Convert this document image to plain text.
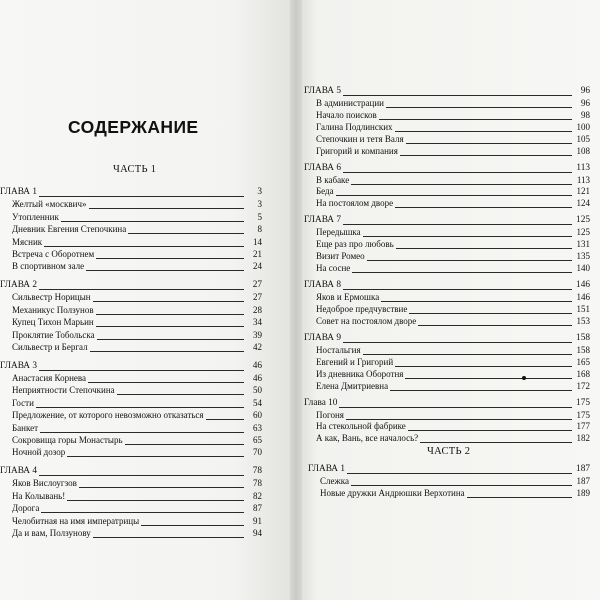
СОДЕРЖАНИЕ
ЧАСТЬ 1
ЧАСТЬ 2
ГЛАВА 1	3
Желтый «москвич»	3
Утопленник	5
Дневник Евгения Степочкина	8
Мясник	14
Встреча с Оборотнем	21
В спортивном зале	24
ГЛАВА 2	27
Сильвестр Норицын	27
Механикус Ползунов	28
Купец Тихон Марьин	34
Проклятие Тобольска	39
Сильвестр и Бергал	42
ГЛАВА 3	46
Анастасия Корнева	46
Неприятности Степочкина	50
Гости	54
Предложение, от которого невозможно отказаться	60
Банкет	63
Сокровища горы Монастырь	65
Ночной дозор	70
ГЛАВА 4	78
Яков Вислоугзов	78
На Колывань!	82
Дорога	87
Челобитная на имя императрицы	91
Да и вам, Ползунову	94
ГЛАВА 5	96
В администрации	96
Начало поисков	98
Галина Подлинских	100
Степочкин и тетя Валя	105
Григорий и компания	108
ГЛАВА 6	113
В кабаке	113
Беда	121
На постоялом дворе	124
ГЛАВА 7	125
Передышка	125
Еще раз про любовь	131
Визит Ромео	135
На сосне	140
ГЛАВА 8	146
Яков и Ермошка	146
Недоброе предчувствие	151
Совет на постоялом дворе	153
ГЛАВА 9	158
Ностальгия	158
Евгений и Григорий	165
Из дневника Оборотня	168
Елена Дмитриевна	172
Глава 10	175
Погоня	175
На стекольной фабрике	177
А как, Вань, все началось?	182
ГЛАВА 1	187
Слежка	187
Новые дружки Андрюшки Верхотина	189
